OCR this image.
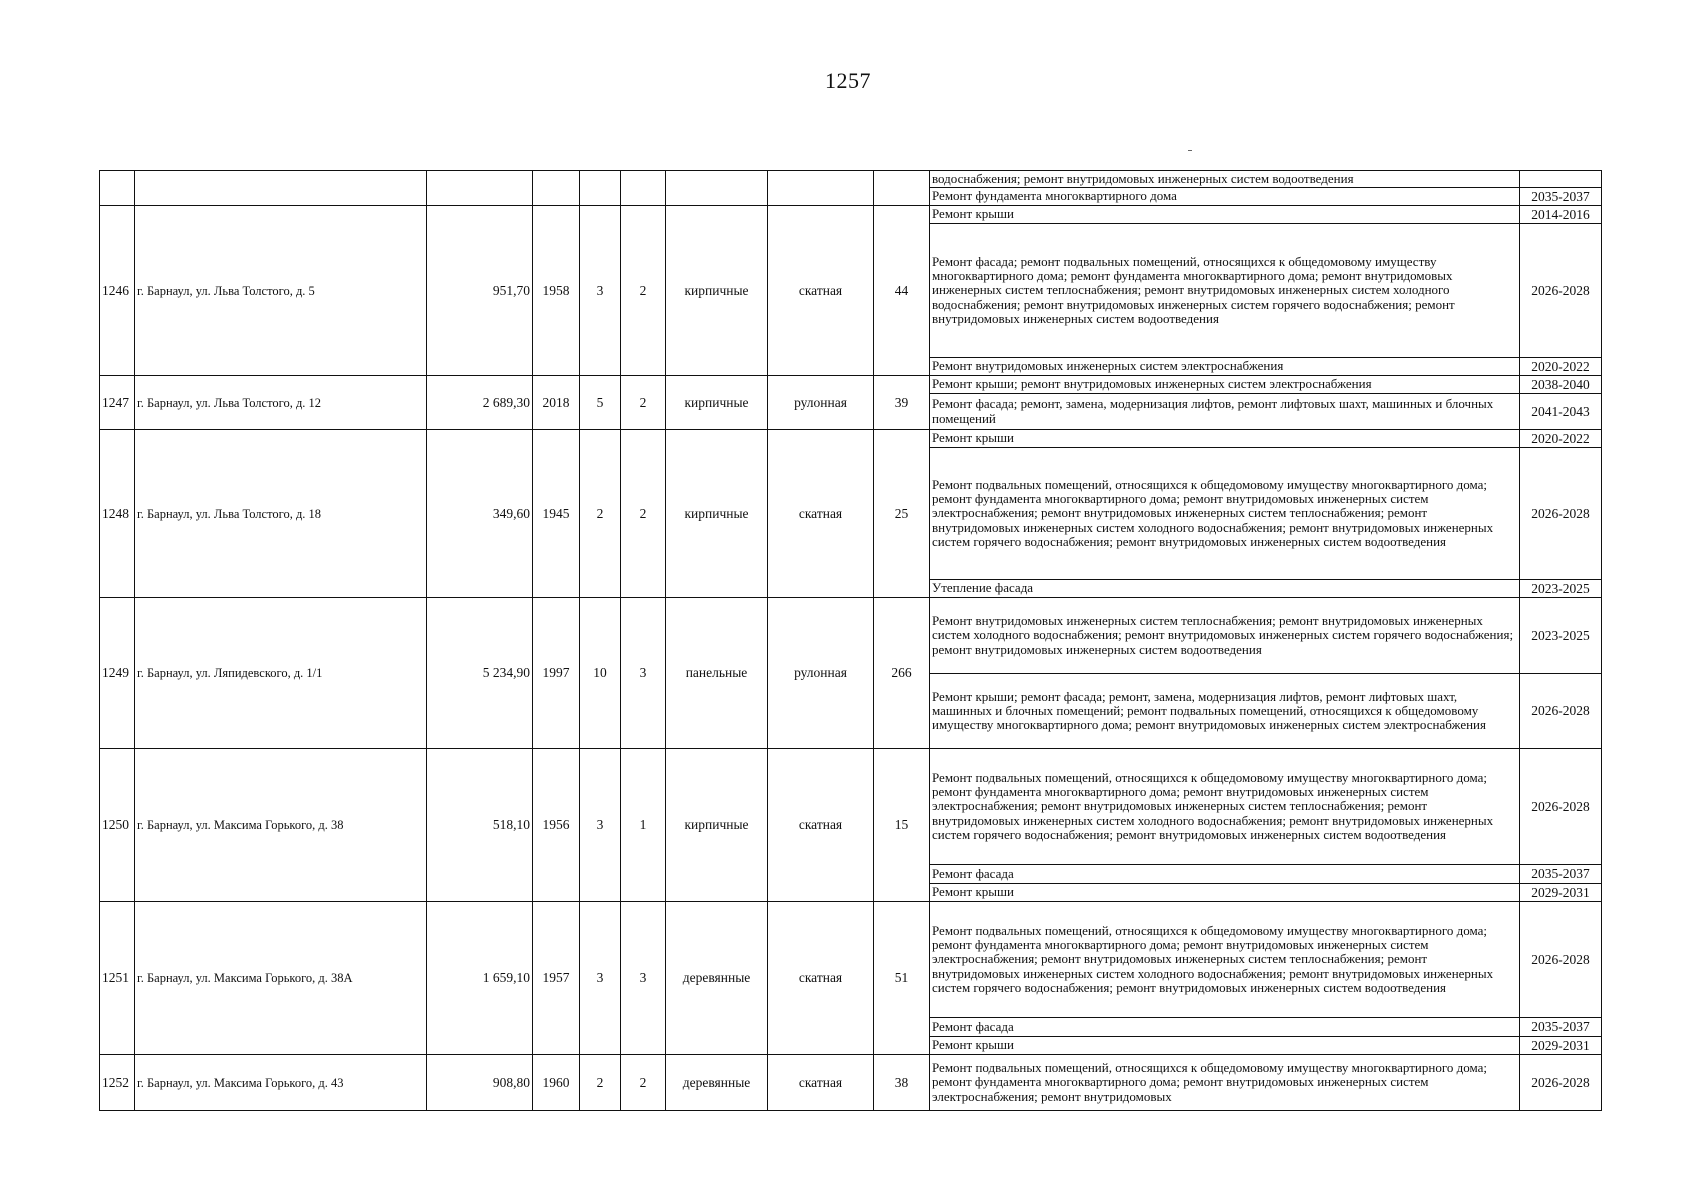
1257
									водоснабжения; ремонт внутридомовых инженерных систем водоотведения	
									Ремонт фундамента многоквартирного дома	2035-2037
1246	г. Барнаул, ул. Льва Толстого, д. 5	951,70	1958	3	2	кирпичные	скатная	44	Ремонт крыши	2014-2016
									Ремонт фасада; ремонт подвальных помещений, относящихся к общедомовому имуществу многоквартирного дома; ремонт фундамента многоквартирного дома; ремонт внутридомовых инженерных систем теплоснабжения; ремонт внутридомовых инженерных систем холодного водоснабжения; ремонт внутридомовых инженерных систем горячего водоснабжения; ремонт внутридомовых инженерных систем водоотведения	2026-2028
									Ремонт внутридомовых инженерных систем электроснабжения	2020-2022
1247	г. Барнаул, ул. Льва Толстого, д. 12	2 689,30	2018	5	2	кирпичные	рулонная	39	Ремонт крыши; ремонт внутридомовых инженерных систем электроснабжения	2038-2040
									Ремонт фасада; ремонт, замена, модернизация лифтов, ремонт лифтовых шахт, машинных и блочных помещений	2041-2043
1248	г. Барнаул, ул. Льва Толстого, д. 18	349,60	1945	2	2	кирпичные	скатная	25	Ремонт крыши	2020-2022
									Ремонт подвальных помещений, относящихся к общедомовому имуществу многоквартирного дома; ремонт фундамента многоквартирного дома; ремонт внутридомовых инженерных систем электроснабжения; ремонт внутридомовых инженерных систем теплоснабжения; ремонт внутридомовых инженерных систем холодного водоснабжения; ремонт внутридомовых инженерных систем горячего водоснабжения; ремонт внутридомовых инженерных систем водоотведения	2026-2028
									Утепление фасада	2023-2025
1249	г. Барнаул, ул. Ляпидевского, д. 1/1	5 234,90	1997	10	3	панельные	рулонная	266	Ремонт внутридомовых инженерных систем теплоснабжения; ремонт внутридомовых инженерных систем холодного водоснабжения; ремонт внутридомовых инженерных систем горячего водоснабжения; ремонт внутридомовых инженерных систем водоотведения	2023-2025
									Ремонт крыши; ремонт фасада; ремонт, замена, модернизация лифтов, ремонт лифтовых шахт, машинных и блочных помещений; ремонт подвальных помещений, относящихся к общедомовому имуществу многоквартирного дома; ремонт внутридомовых инженерных систем электроснабжения	2026-2028
1250	г. Барнаул, ул. Максима Горького, д. 38	518,10	1956	3	1	кирпичные	скатная	15	Ремонт подвальных помещений, относящихся к общедомовому имуществу многоквартирного дома; ремонт фундамента многоквартирного дома; ремонт внутридомовых инженерных систем электроснабжения; ремонт внутридомовых инженерных систем теплоснабжения; ремонт внутридомовых инженерных систем холодного водоснабжения; ремонт внутридомовых инженерных систем горячего водоснабжения; ремонт внутридомовых инженерных систем водоотведения	2026-2028
									Ремонт фасада	2035-2037
									Ремонт крыши	2029-2031
1251	г. Барнаул, ул. Максима Горького, д. 38А	1 659,10	1957	3	3	деревянные	скатная	51	Ремонт подвальных помещений, относящихся к общедомовому имуществу многоквартирного дома; ремонт фундамента многоквартирного дома; ремонт внутридомовых инженерных систем электроснабжения; ремонт внутридомовых инженерных систем теплоснабжения; ремонт внутридомовых инженерных систем холодного водоснабжения; ремонт внутридомовых инженерных систем горячего водоснабжения; ремонт внутридомовых инженерных систем водоотведения	2026-2028
									Ремонт фасада	2035-2037
									Ремонт крыши	2029-2031
1252	г. Барнаул, ул. Максима Горького, д. 43	908,80	1960	2	2	деревянные	скатная	38	Ремонт подвальных помещений, относящихся к общедомовому имуществу многоквартирного дома; ремонт фундамента многоквартирного дома; ремонт внутридомовых инженерных систем электроснабжения; ремонт внутридомовых	2026-2028
